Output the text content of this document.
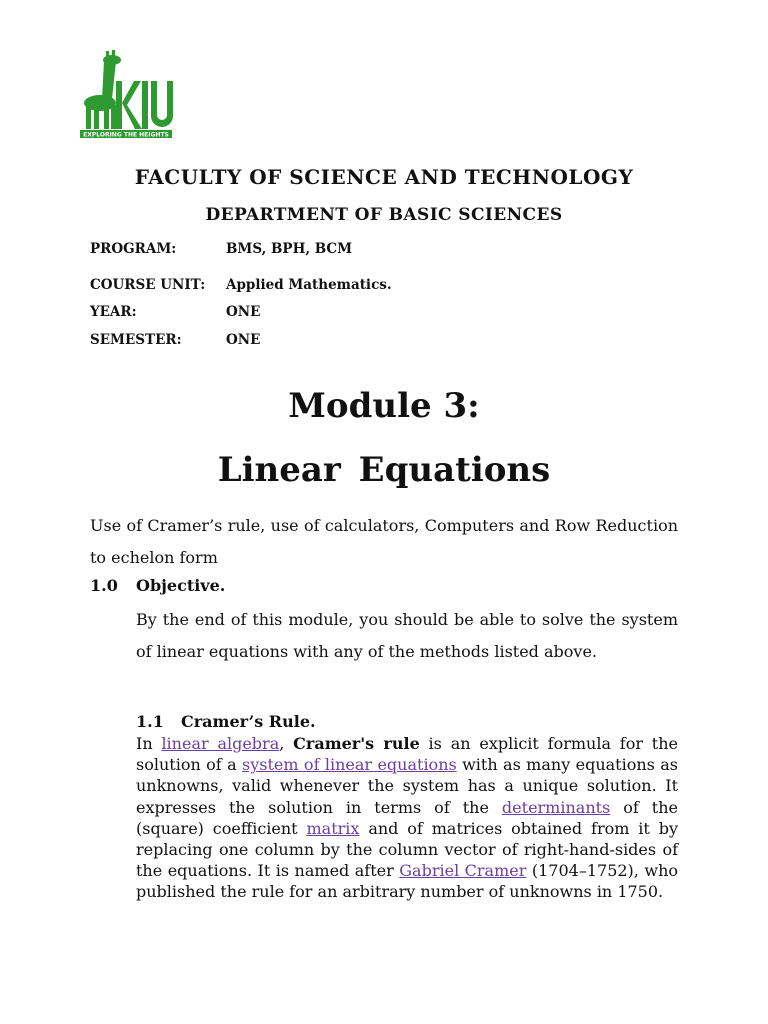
EXPLORING THE HEIGHTS
FACULTY OF SCIENCE AND TECHNOLOGY
DEPARTMENT OF BASIC SCIENCES
PROGRAM:	BMS, BPH, BCM
COURSE UNIT: Applied Mathematics.
YEAR:	ONE
SEMESTER:	ONE
Module 3:
Linear Equations
Use of Cramer’s rule, use of calculators, Computers and Row Reduction to echelon form
1.0 Objective.
By the end of this module, you should be able to solve the system of linear equations with any of the methods listed above.
1.1 Cramer’s Rule.
In linear algebra, Cramer's rule is an explicit formula for the solution of a system of linear equations with as many equations as unknowns, valid whenever the system has a unique solution. It expresses the solution in terms of the determinants of the (square) coefficient matrix and of matrices obtained from it by replacing one column by the column vector of right-hand-sides of the equations. It is named after Gabriel Cramer (1704–1752), who published the rule for an arbitrary number of unknowns in 1750.
